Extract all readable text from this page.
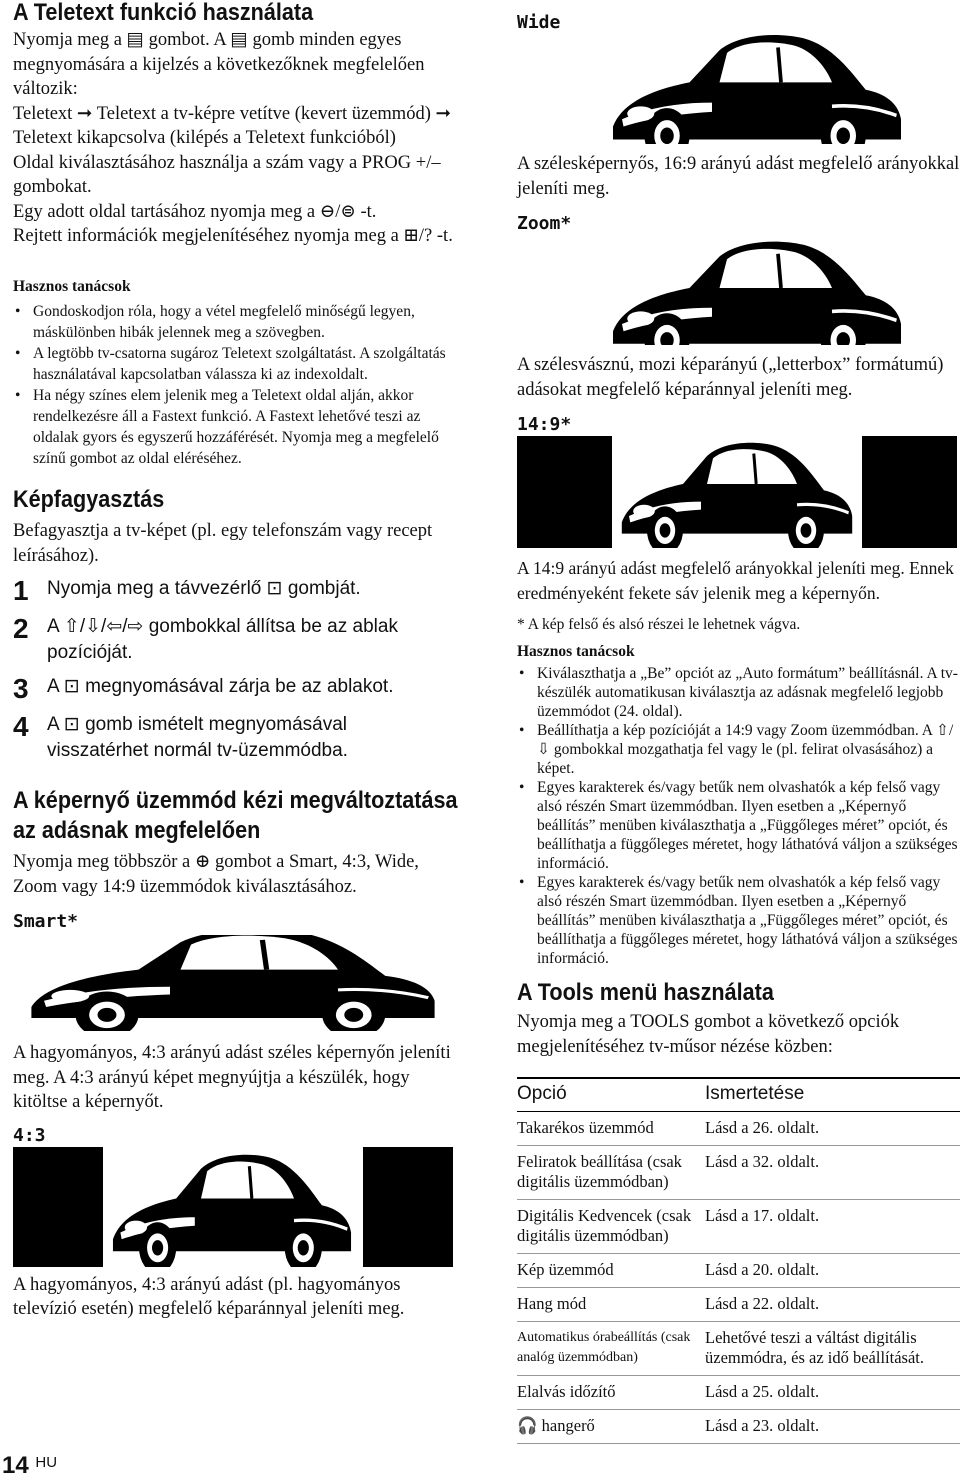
A Teletext funkció használata

Nyomja meg a ▤ gombot. A ▤ gomb minden egyes megnyomására a kijelzés a következőknek megfelelően változik:

Teletext ➞ Teletext a tv-képre vetítve (kevert üzemmód) ➞ Teletext kikapcsolva (kilépés a Teletext funkcióból)

Oldal kiválasztásához használja a szám vagy a PROG +/– gombokat.

Egy adott oldal tartásához nyomja meg a ⊖/⊜ -t.

Rejtett információk megjelenítéséhez nyomja meg a ⊞/? -t.

Hasznos tanácsok
• Gondoskodjon róla, hogy a vétel megfelelő minőségű legyen, máskülönben hibák jelennek meg a szövegben.
• A legtöbb tv-csatorna sugároz Teletext szolgáltatást. A szolgáltatás használatával kapcsolatban válassza ki az indexoldalt.
• Ha négy színes elem jelenik meg a Teletext oldal alján, akkor rendelkezésre áll a Fastext funkció. A Fastext lehetővé teszi az oldalak gyors és egyszerű hozzáférését. Nyomja meg a megfelelő színű gombot az oldal eléréséhez.
Képfagyasztás

Befagyasztja a tv-képet (pl. egy telefonszám vagy recept leírásához).

1 Nyomja meg a távvezérlő ⊡ gombját.
2 A ⇧/⇩/⇦/⇨ gombokkal állítsa be az ablak pozícióját.
3 A ⊡ megnyomásával zárja be az ablakot.
4 A ⊡ gomb ismételt megnyomásával visszatérhet normál tv-üzemmódba.
A képernyő üzemmód kézi megváltoztatása
az adásnak megfelelően

Nyomja meg többször a ⊕ gombot a Smart, 4:3, Wide, Zoom vagy 14:9 üzemmódok kiválasztásához.

Smart*

A hagyományos, 4:3 arányú adást széles képernyőn jeleníti meg. A 4:3 arányú képet megnyújtja a készülék, hogy kitöltse a képernyőt.

4:3

A hagyományos, 4:3 arányú adást (pl. hagyományos televízió esetén) megfelelő képaránnyal jeleníti meg.

Wide

A szélesképernyős, 16:9 arányú adást megfelelő arányokkal jeleníti meg.

Zoom*

A szélesvásznú, mozi képarányú („letterbox” formátumú) adásokat megfelelő képaránnyal jeleníti meg.

14:9*

A 14:9 arányú adást megfelelő arányokkal jeleníti meg. Ennek eredményeként fekete sáv jelenik meg a képernyőn.

* A kép felső és alsó részei le lehetnek vágva.
Hasznos tanácsok
• Kiválaszthatja a „Be” opciót az „Auto formátum” beállításnál. A tv-készülék automatikusan kiválasztja az adásnak megfelelő legjobb üzemmódot (24. oldal).
• Beállíthatja a kép pozícióját a 14:9 vagy Zoom üzemmódban. A ⇧/⇩ gombokkal mozgathatja fel vagy le (pl. felirat olvasásához) a képet.
• Egyes karakterek és/vagy betűk nem olvashatók a kép felső vagy alsó részén Smart üzemmódban. Ilyen esetben a „Képernyő beállítás” menüben kiválaszthatja a „Függőleges méret” opciót, és beállíthatja a függőleges méretet, hogy láthatóvá váljon a szükséges információ.
• Egyes karakterek és/vagy betűk nem olvashatók a kép felső vagy alsó részén Smart üzemmódban. Ilyen esetben a „Képernyő beállítás” menüben kiválaszthatja a „Függőleges méret” opciót, és beállíthatja a függőleges méretet, hogy láthatóvá váljon a szükséges információ.
A Tools menü használata

Nyomja meg a TOOLS gombot a következő opciók megjelenítéséhez tv-műsor nézése közben:

Opció	Ismertetése
Takarékos üzemmód	Lásd a 26. oldalt.
Feliratok beállítása (csak digitális üzemmódban)	Lásd a 32. oldalt.
Digitális Kedvencek (csak digitális üzemmódban)	Lásd a 17. oldalt.
Kép üzemmód	Lásd a 20. oldalt.
Hang mód	Lásd a 22. oldalt.
Automatikus órabeállítás (csak analóg üzemmódban)	Lehetővé teszi a váltást digitális üzemmódra, és az idő beállítását.
Elalvás időzítő	Lásd a 25. oldalt.
🎧 hangerő	Lásd a 23. oldalt.
14 $^{HU}$
